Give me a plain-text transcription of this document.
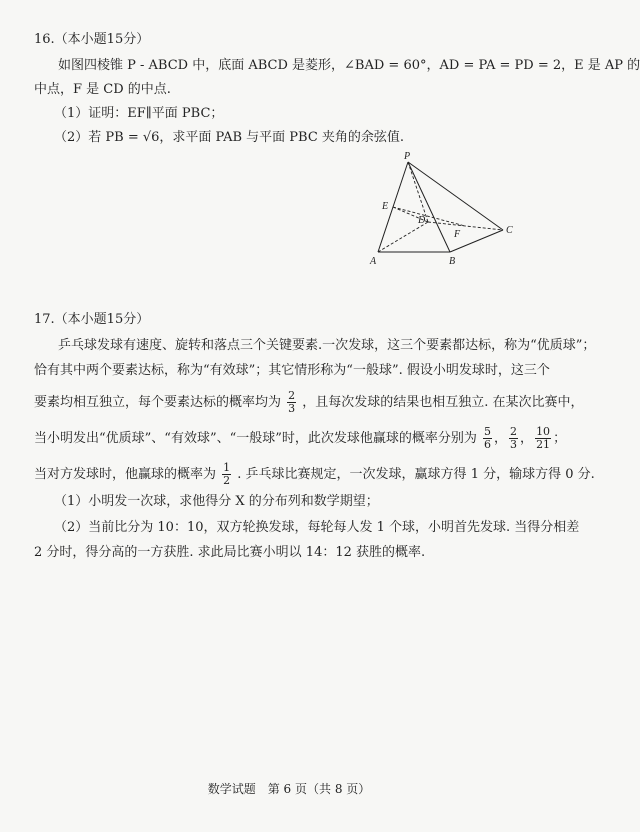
16.（本小题15分）
如图四棱锥 P - ABCD 中，底面 ABCD 是菱形，∠BAD = 60°，AD = PA = PD = 2，E 是 AP 的
中点，F 是 CD 的中点.
（1）证明：EF∥平面 PBC；
（2）若 PB = √6，求平面 PAB 与平面 PBC 夹角的余弦值.
P
E
D
F	C
A	B
17.（本小题15分）
乒乓球发球有速度、旋转和落点三个关键要素.一次发球，这三个要素都达标，称为“优质球”；
恰有其中两个要素达标，称为“有效球”；其它情形称为“一般球”. 假设小明发球时，这三个
要素均相互独立，每个要素达标的概率均为 $\frac{2}{3}$ ，且每次发球的结果也相互独立. 在某次比赛中，
当小明发出“优质球”、“有效球”、“一般球”时，此次发球他赢球的概率分别为 $\frac{5}{6}$ ， $\frac{2}{3}$ ， $\frac{10}{21}$ ；
当对方发球时，他赢球的概率为 $\frac{1}{2}$ . 乒乓球比赛规定，一次发球，赢球方得 1 分，输球方得 0 分.
（1）小明发一次球，求他得分 X 的分布列和数学期望；
（2）当前比分为 10：10，双方轮换发球，每轮每人发 1 个球，小明首先发球. 当得分相差
2 分时，得分高的一方获胜. 求此局比赛小明以 14：12 获胜的概率.
数学试题　第 6 页（共 8 页）
